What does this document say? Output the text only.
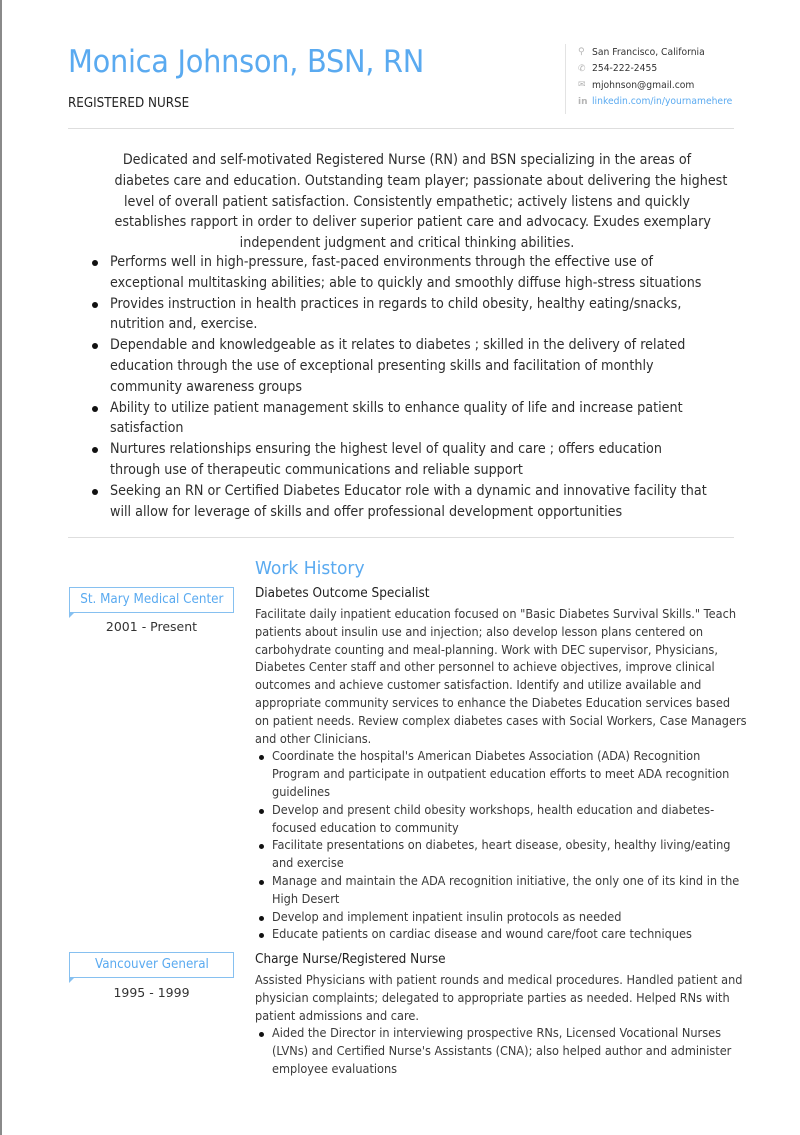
Monica Johnson, BSN, RN
REGISTERED NURSE
⚲ San Francisco, California
✆ 254-222-2455
✉ mjohnson@gmail.com
in linkedin.com/in/yournamehere
Dedicated and self-motivated Registered Nurse (RN) and BSN specializing in the areas of
diabetes care and education. Outstanding team player; passionate about delivering the highest
level of overall patient satisfaction. Consistently empathetic; actively listens and quickly
establishes rapport in order to deliver superior patient care and advocacy. Exudes exemplary
independent judgment and critical thinking abilities.
Performs well in high-pressure, fast-paced environments through the effective use of
exceptional multitasking abilities; able to quickly and smoothly diffuse high-stress situations
Provides instruction in health practices in regards to child obesity, healthy eating/snacks,
nutrition and, exercise.
Dependable and knowledgeable as it relates to diabetes ; skilled in the delivery of related
education through the use of exceptional presenting skills and facilitation of monthly
community awareness groups
Ability to utilize patient management skills to enhance quality of life and increase patient
satisfaction
Nurtures relationships ensuring the highest level of quality and care ; offers education
through use of therapeutic communications and reliable support
Seeking an RN or Certified Diabetes Educator role with a dynamic and innovative facility that
will allow for leverage of skills and offer professional development opportunities
Work History
St. Mary Medical Center
2001 - Present
Diabetes Outcome Specialist
Facilitate daily inpatient education focused on "Basic Diabetes Survival Skills." Teach
patients about insulin use and injection; also develop lesson plans centered on
carbohydrate counting and meal-planning. Work with DEC supervisor, Physicians,
Diabetes Center staff and other personnel to achieve objectives, improve clinical
outcomes and achieve customer satisfaction. Identify and utilize available and
appropriate community services to enhance the Diabetes Education services based
on patient needs. Review complex diabetes cases with Social Workers, Case Managers
and other Clinicians.
Coordinate the hospital's American Diabetes Association (ADA) Recognition
Program and participate in outpatient education efforts to meet ADA recognition
guidelines
Develop and present child obesity workshops, health education and diabetes-
focused education to community
Facilitate presentations on diabetes, heart disease, obesity, healthy living/eating
and exercise
Manage and maintain the ADA recognition initiative, the only one of its kind in the
High Desert
Develop and implement inpatient insulin protocols as needed
Educate patients on cardiac disease and wound care/foot care techniques
Vancouver General
1995 - 1999
Charge Nurse/Registered Nurse
Assisted Physicians with patient rounds and medical procedures. Handled patient and
physician complaints; delegated to appropriate parties as needed. Helped RNs with
patient admissions and care.
Aided the Director in interviewing prospective RNs, Licensed Vocational Nurses
(LVNs) and Certified Nurse's Assistants (CNA); also helped author and administer
employee evaluations
